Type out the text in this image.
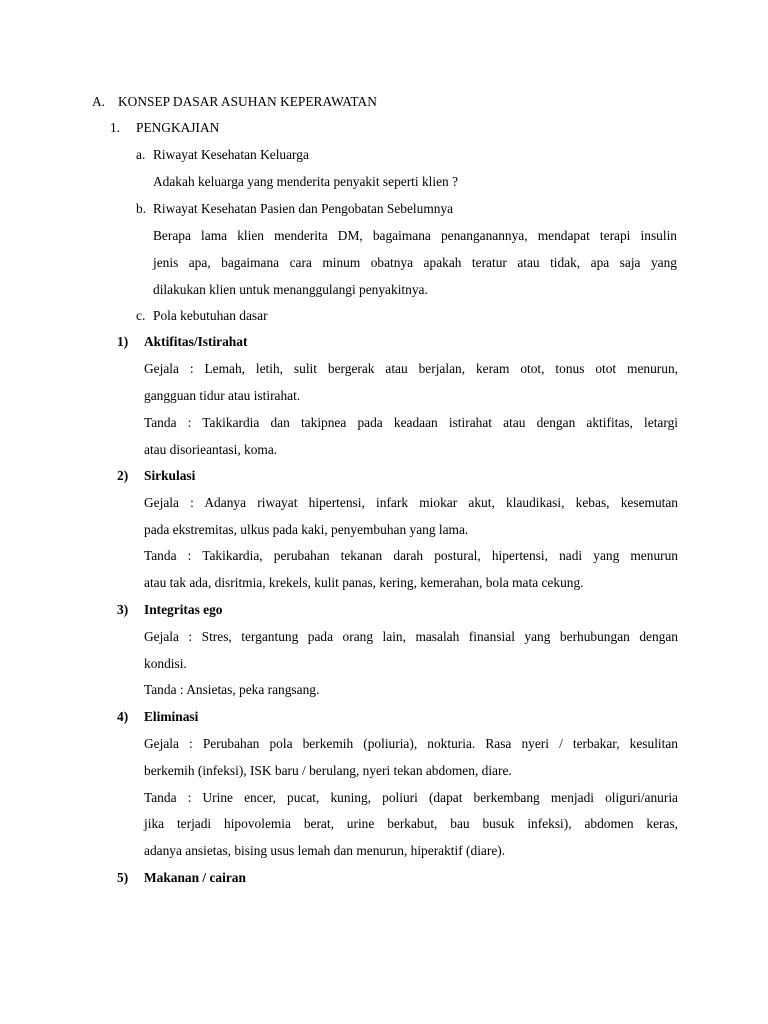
A. KONSEP DASAR ASUHAN KEPERAWATAN
1. PENGKAJIAN
a. Riwayat Kesehatan Keluarga
Adakah keluarga yang menderita penyakit seperti klien ?
b. Riwayat Kesehatan Pasien dan Pengobatan Sebelumnya
Berapa lama klien menderita DM, bagaimana penanganannya, mendapat terapi insulin
jenis apa, bagaimana cara minum obatnya apakah teratur atau tidak, apa saja yang
dilakukan klien untuk menanggulangi penyakitnya.
c. Pola kebutuhan dasar
1) Aktifitas/Istirahat
Gejala : Lemah, letih, sulit bergerak atau berjalan, keram otot, tonus otot menurun,
gangguan tidur atau istirahat.
Tanda : Takikardia dan takipnea pada keadaan istirahat atau dengan aktifitas, letargi
atau disorieantasi, koma.
2) Sirkulasi
Gejala : Adanya riwayat hipertensi, infark miokar akut, klaudikasi, kebas, kesemutan
pada ekstremitas, ulkus pada kaki, penyembuhan yang lama.
Tanda : Takikardia, perubahan tekanan darah postural, hipertensi, nadi yang menurun
atau tak ada, disritmia, krekels, kulit panas, kering, kemerahan, bola mata cekung.
3) Integritas ego
Gejala : Stres, tergantung pada orang lain, masalah finansial yang berhubungan dengan
kondisi.
Tanda : Ansietas, peka rangsang.
4) Eliminasi
Gejala : Perubahan pola berkemih (poliuria), nokturia. Rasa nyeri / terbakar, kesulitan
berkemih (infeksi), ISK baru / berulang, nyeri tekan abdomen, diare.
Tanda : Urine encer, pucat, kuning, poliuri (dapat berkembang menjadi oliguri/anuria
jika terjadi hipovolemia berat, urine berkabut, bau busuk infeksi), abdomen keras,
adanya ansietas, bising usus lemah dan menurun, hiperaktif (diare).
5) Makanan / cairan
